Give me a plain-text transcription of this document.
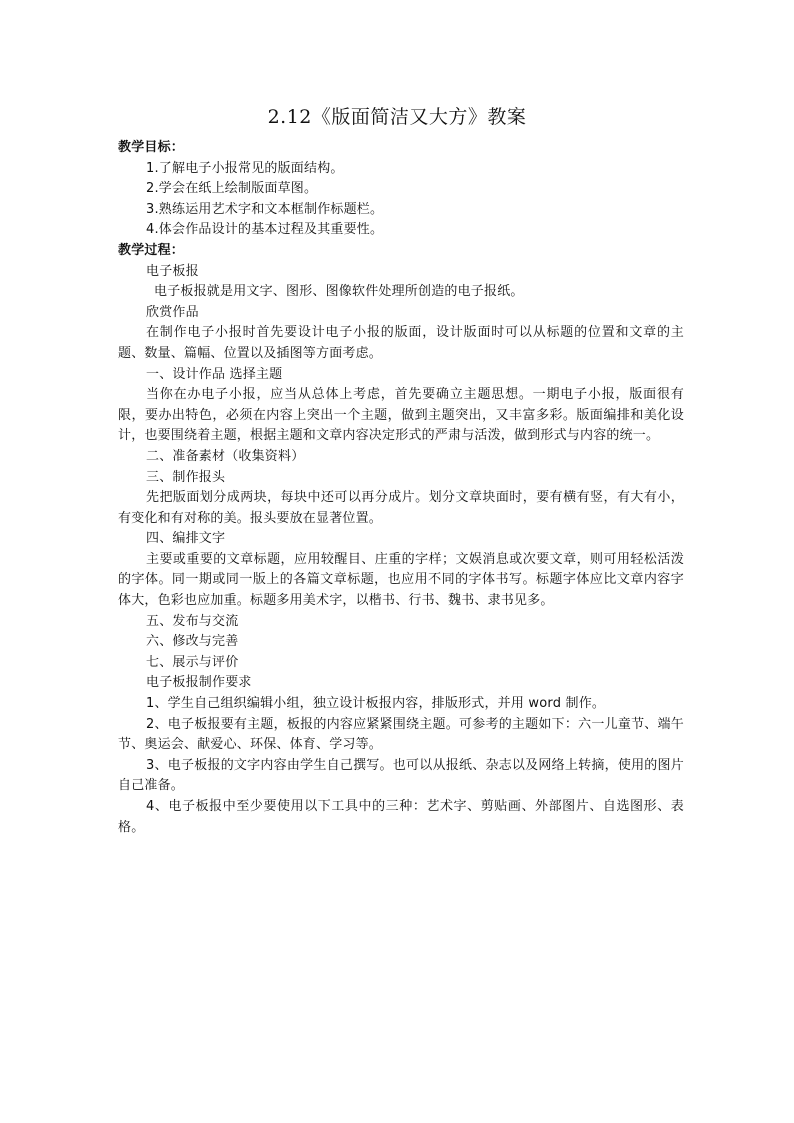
2.12《版面简洁又大方》教案

教学目标：

1.了解电子小报常见的版面结构。

2.学会在纸上绘制版面草图。

3.熟练运用艺术字和文本框制作标题栏。

4.体会作品设计的基本过程及其重要性。

教学过程：

电子板报

电子板报就是用文字、图形、图像软件处理所创造的电子报纸。

欣赏作品

在制作电子小报时首先要设计电子小报的版面，设计版面时可以从标题的位置和文章的主题、数量、篇幅、位置以及插图等方面考虑。

一、设计作品 选择主题

当你在办电子小报，应当从总体上考虑，首先要确立主题思想。一期电子小报，版面很有限，要办出特色，必须在内容上突出一个主题，做到主题突出，又丰富多彩。版面编排和美化设计，也要围绕着主题，根据主题和文章内容决定形式的严肃与活泼，做到形式与内容的统一。

二、准备素材（收集资料）

三、制作报头

先把版面划分成两块，每块中还可以再分成片。划分文章块面时，要有横有竖，有大有小，有变化和有对称的美。报头要放在显著位置。

四、编排文字

主要或重要的文章标题，应用较醒目、庄重的字样；文娱消息或次要文章，则可用轻松活泼的字体。同一期或同一版上的各篇文章标题，也应用不同的字体书写。标题字体应比文章内容字体大，色彩也应加重。标题多用美术字，以楷书、行书、魏书、隶书见多。

五、发布与交流

六、修改与完善

七、展示与评价

电子板报制作要求

1、学生自己组织编辑小组，独立设计板报内容，排版形式，并用 word 制作。

2、电子板报要有主题，板报的内容应紧紧围绕主题。可参考的主题如下：六一儿童节、端午节、奥运会、献爱心、环保、体育、学习等。

3、电子板报的文字内容由学生自己撰写。也可以从报纸、杂志以及网络上转摘，使用的图片自己准备。

4、电子板报中至少要使用以下工具中的三种：艺术字、剪贴画、外部图片、自选图形、表格。
